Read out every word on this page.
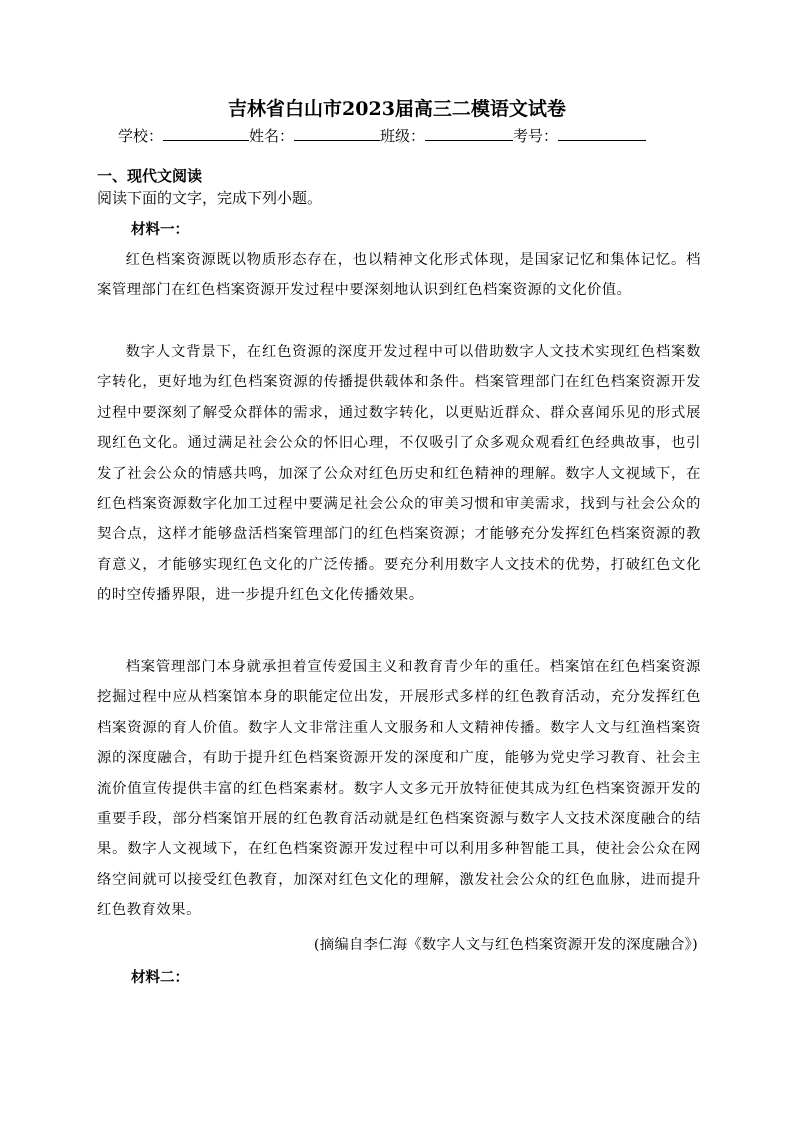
吉林省白山市2023届高三二模语文试卷
学校：	姓名：	班级：	考号：
一、现代文阅读
阅读下面的文字，完成下列小题。
材料一：

红色档案资源既以物质形态存在，也以精神文化形式体现，是国家记忆和集体记忆。档案管理部门在红色档案资源开发过程中要深刻地认识到红色档案资源的文化价值。

数字人文背景下，在红色资源的深度开发过程中可以借助数字人文技术实现红色档案数字转化，更好地为红色档案资源的传播提供载体和条件。档案管理部门在红色档案资源开发过程中要深刻了解受众群体的需求，通过数字转化，以更贴近群众、群众喜闻乐见的形式展现红色文化。通过满足社会公众的怀旧心理，不仅吸引了众多观众观看红色经典故事，也引发了社会公众的情感共鸣，加深了公众对红色历史和红色精神的理解。数字人文视域下，在红色档案资源数字化加工过程中要满足社会公众的审美习惯和审美需求，找到与社会公众的契合点，这样才能够盘活档案管理部门的红色档案资源；才能够充分发挥红色档案资源的教育意义，才能够实现红色文化的广泛传播。要充分利用数字人文技术的优势，打破红色文化的时空传播界限，进一步提升红色文化传播效果。

档案管理部门本身就承担着宣传爱国主义和教育青少年的重任。档案馆在红色档案资源挖掘过程中应从档案馆本身的职能定位出发，开展形式多样的红色教育活动，充分发挥红色档案资源的育人价值。数字人文非常注重人文服务和人文精神传播。数字人文与红渔档案资源的深度融合，有助于提升红色档案资源开发的深度和广度，能够为党史学习教育、社会主流价值宣传提供丰富的红色档案素材。数字人文多元开放特征使其成为红色档案资源开发的重要手段，部分档案馆开展的红色教育活动就是红色档案资源与数字人文技术深度融合的结果。数字人文视域下，在红色档案资源开发过程中可以利用多种智能工具，使社会公众在网络空间就可以接受红色教育，加深对红色文化的理解，激发社会公众的红色血脉，进而提升红色教育效果。

(摘编自李仁海《数字人文与红色档案资源开发的深度融合》)
材料二：
